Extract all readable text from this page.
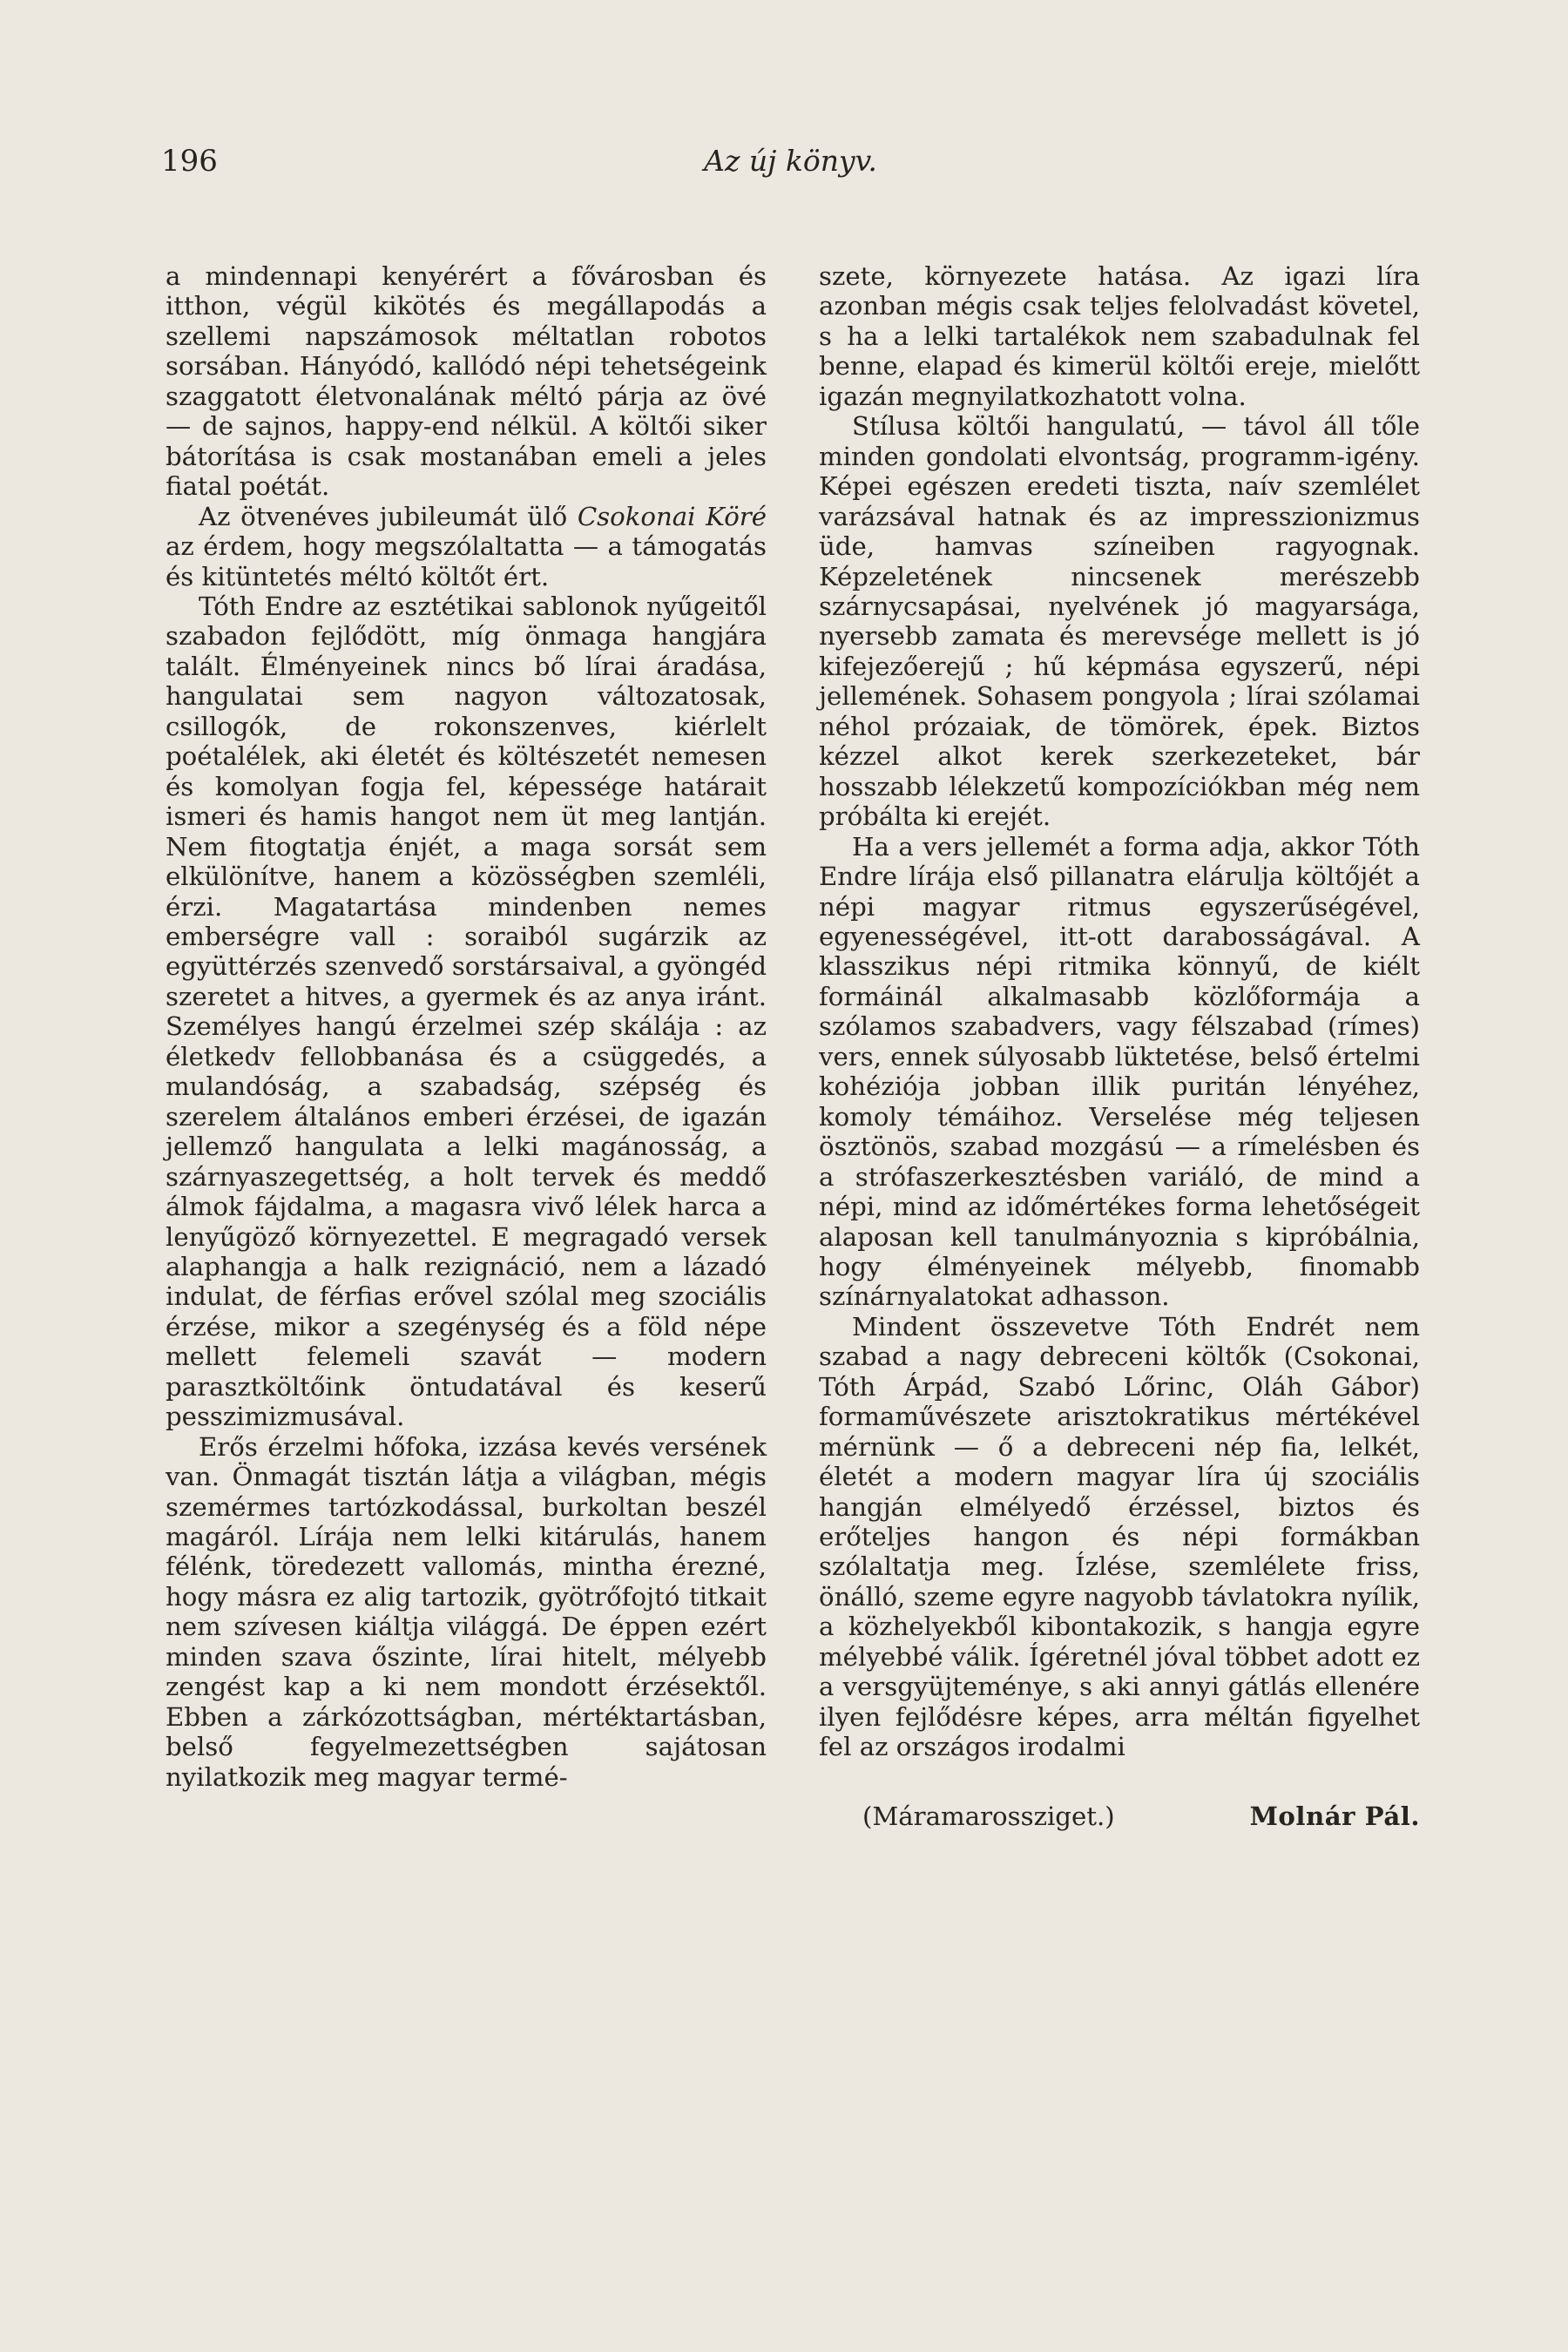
196	Az új könyv.

a mindennapi kenyérért a fővárosban és itthon, végül kikötés és megállapodás a szellemi napszámosok méltatlan robotos sorsában. Hányódó, kallódó népi tehetségeink szaggatott életvonalának méltó párja az övé — de sajnos, happy-end nélkül. A költői siker bátorítása is csak mostanában emeli a jeles fiatal poétát.

Az ötvenéves jubileumát ülő Csokonai Köré az érdem, hogy megszólaltatta — a támogatás és kitüntetés méltó költőt ért.

Tóth Endre az esztétikai sablonok nyűgeitől szabadon fejlődött, míg önmaga hangjára talált. Élményeinek nincs bő lírai áradása, hangulatai sem nagyon változatosak, csillogók, de rokonszenves, kiérlelt poétalélek, aki életét és költészetét nemesen és komolyan fogja fel, képessége határait ismeri és hamis hangot nem üt meg lantján. Nem fitogtatja énjét, a maga sorsát sem elkülönítve, hanem a közösségben szemléli, érzi. Magatartása mindenben nemes emberségre vall : soraiból sugárzik az együttérzés szenvedő sorstársaival, a gyöngéd szeretet a hitves, a gyermek és az anya iránt. Személyes hangú érzelmei szép skálája : az életkedv fellobbanása és a csüggedés, a mulandóság, a szabadság, szépség és szerelem általános emberi érzései, de igazán jellemző hangulata a lelki magánosság, a szárnyaszegettség, a holt tervek és meddő álmok fájdalma, a magasra vivő lélek harca a lenyűgöző környezettel. E megragadó versek alaphangja a halk rezignáció, nem a lázadó indulat, de férfias erővel szólal meg szociális érzése, mikor a szegénység és a föld népe mellett felemeli szavát — modern parasztköltőink öntudatával és keserű pesszimizmusával.

Erős érzelmi hőfoka, izzása kevés versének van. Önmagát tisztán látja a világban, mégis szemérmes tartózkodással, burkoltan beszél magáról. Lírája nem lelki kitárulás, hanem félénk, töredezett vallomás, mintha érezné, hogy másra ez alig tartozik, gyötrőfojtó titkait nem szívesen kiáltja világgá. De éppen ezért minden szava őszinte, lírai hitelt, mélyebb zengést kap a ki nem mondott érzésektől. Ebben a zárkózottságban, mértéktartásban, belső fegyelmezettségben sajátosan nyilatkozik meg magyar termé-

szete, környezete hatása. Az igazi líra azonban mégis csak teljes felolvadást követel, s ha a lelki tartalékok nem szabadulnak fel benne, elapad és kimerül költői ereje, mielőtt igazán megnyilatkozhatott volna.

Stílusa költői hangulatú, — távol áll tőle minden gondolati elvontság, programm-igény. Képei egészen eredeti tiszta, naív szemlélet varázsával hatnak és az impresszionizmus üde, hamvas színeiben ragyognak. Képzeletének nincsenek merészebb szárnycsapásai, nyelvének jó magyarsága, nyersebb zamata és merevsége mellett is jó kifejezőerejű ; hű képmása egyszerű, népi jellemének. Sohasem pongyola ; lírai szólamai néhol prózaiak, de tömörek, épek. Biztos kézzel alkot kerek szerkezeteket, bár hosszabb lélekzetű kompozíciókban még nem próbálta ki erejét.

Ha a vers jellemét a forma adja, akkor Tóth Endre lírája első pillanatra elárulja költőjét a népi magyar ritmus egyszerűségével, egyenességével, itt-ott darabosságával. A klasszikus népi ritmika könnyű, de kiélt formáinál alkalmasabb közlőformája a szólamos szabadvers, vagy félszabad (rímes) vers, ennek súlyosabb lüktetése, belső értelmi kohéziója jobban illik puritán lényéhez, komoly témáihoz. Verselése még teljesen ösztönös, szabad mozgású — a rímelésben és a strófaszerkesztésben variáló, de mind a népi, mind az időmértékes forma lehetőségeit alaposan kell tanulmányoznia s kipróbálnia, hogy élményeinek mélyebb, finomabb színárnyalatokat adhasson.

Mindent összevetve Tóth Endrét nem szabad a nagy debreceni költők (Csokonai, Tóth Árpád, Szabó Lőrinc, Oláh Gábor) formaművészete arisztokratikus mértékével mérnünk — ő a debreceni nép fia, lelkét, életét a modern magyar líra új szociális hangján elmélyedő érzéssel, biztos és erőteljes hangon és népi formákban szólaltatja meg. Ízlése, szemlélete friss, önálló, szeme egyre nagyobb távlatokra nyílik, a közhelyekből kibontakozik, s hangja egyre mélyebbé válik. Ígéretnél jóval többet adott ez a versgyüjteménye, s aki annyi gátlás ellenére ilyen fejlődésre képes, arra méltán figyelhet fel az országos irodalmi

(Máramarossziget.)	Molnár Pál.
